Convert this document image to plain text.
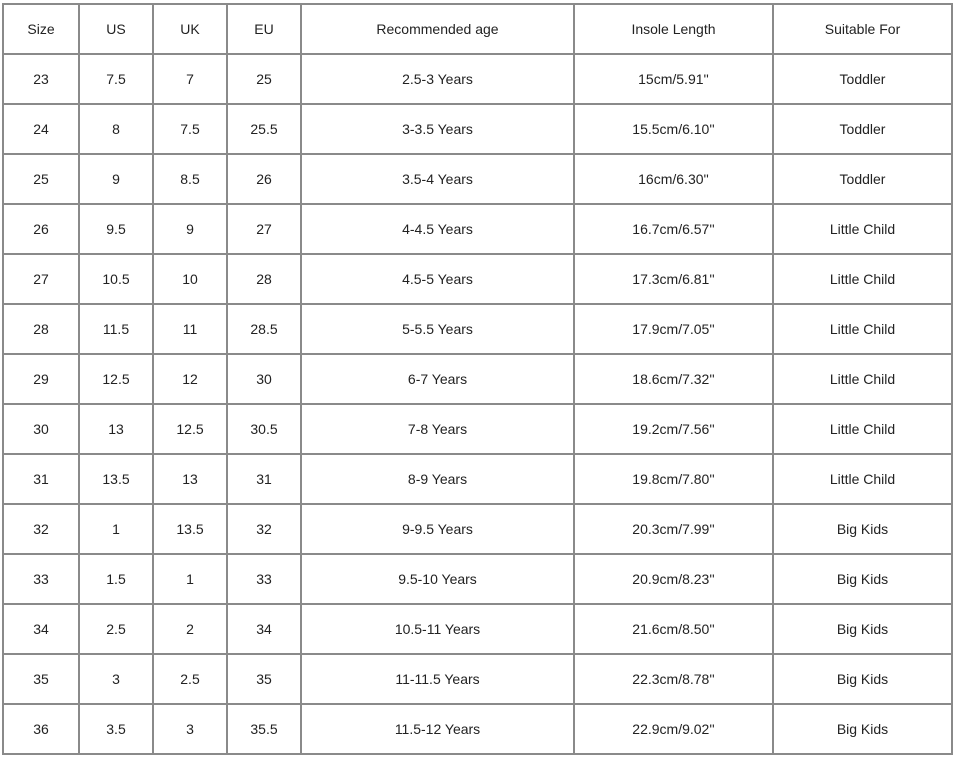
Size	US	UK	EU	Recommended age	Insole Length	Suitable For
23	7.5	7	25	2.5-3 Years	15cm/5.91''	Toddler
24	8	7.5	25.5	3-3.5 Years	15.5cm/6.10''	Toddler
25	9	8.5	26	3.5-4 Years	16cm/6.30''	Toddler
26	9.5	9	27	4-4.5 Years	16.7cm/6.57''	Little Child
27	10.5	10	28	4.5-5 Years	17.3cm/6.81''	Little Child
28	11.5	11	28.5	5-5.5 Years	17.9cm/7.05''	Little Child
29	12.5	12	30	6-7 Years	18.6cm/7.32''	Little Child
30	13	12.5	30.5	7-8 Years	19.2cm/7.56''	Little Child
31	13.5	13	31	8-9 Years	19.8cm/7.80''	Little Child
32	1	13.5	32	9-9.5 Years	20.3cm/7.99''	Big Kids
33	1.5	1	33	9.5-10 Years	20.9cm/8.23''	Big Kids
34	2.5	2	34	10.5-11 Years	21.6cm/8.50''	Big Kids
35	3	2.5	35	11-11.5 Years	22.3cm/8.78''	Big Kids
36	3.5	3	35.5	11.5-12 Years	22.9cm/9.02''	Big Kids
